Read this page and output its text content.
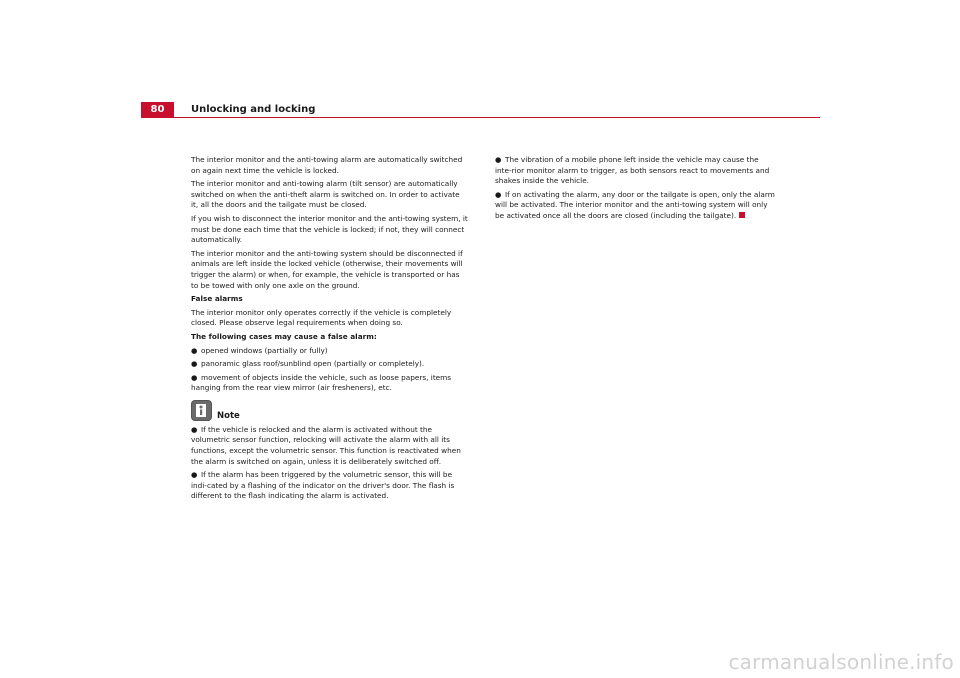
80	Unlocking and locking

The interior monitor and the anti-towing alarm are automatically switched on again next time the vehicle is locked.

The interior monitor and anti-towing alarm (tilt sensor) are automatically switched on when the anti-theft alarm is switched on. In order to activate it, all the doors and the tailgate must be closed.

If you wish to disconnect the interior monitor and the anti-towing system, it must be done each time that the vehicle is locked; if not, they will connect automatically.

The interior monitor and the anti-towing system should be disconnected if animals are left inside the locked vehicle (otherwise, their movements will trigger the alarm) or when, for example, the vehicle is transported or has to be towed with only one axle on the ground.

False alarms

The interior monitor only operates correctly if the vehicle is completely closed. Please observe legal requirements when doing so.

The following cases may cause a false alarm:

● opened windows (partially or fully)
● panoramic glass roof/sunblind open (partially or completely).
● movement of objects inside the vehicle, such as loose papers, items hanging from the rear view mirror (air fresheners), etc.
Note
● If the vehicle is relocked and the alarm is activated without the volumetric sensor function, relocking will activate the alarm with all its functions, except the volumetric sensor. This function is reactivated when the alarm is switched on again, unless it is deliberately switched off.
● If the alarm has been triggered by the volumetric sensor, this will be indi-cated by a flashing of the indicator on the driver's door. The flash is different to the flash indicating the alarm is activated.
● The vibration of a mobile phone left inside the vehicle may cause the inte-rior monitor alarm to trigger, as both sensors react to movements and shakes inside the vehicle.
● If on activating the alarm, any door or the tailgate is open, only the alarm will be activated. The interior monitor and the anti-towing system will only be activated once all the doors are closed (including the tailgate).
carmanualsonline.info
